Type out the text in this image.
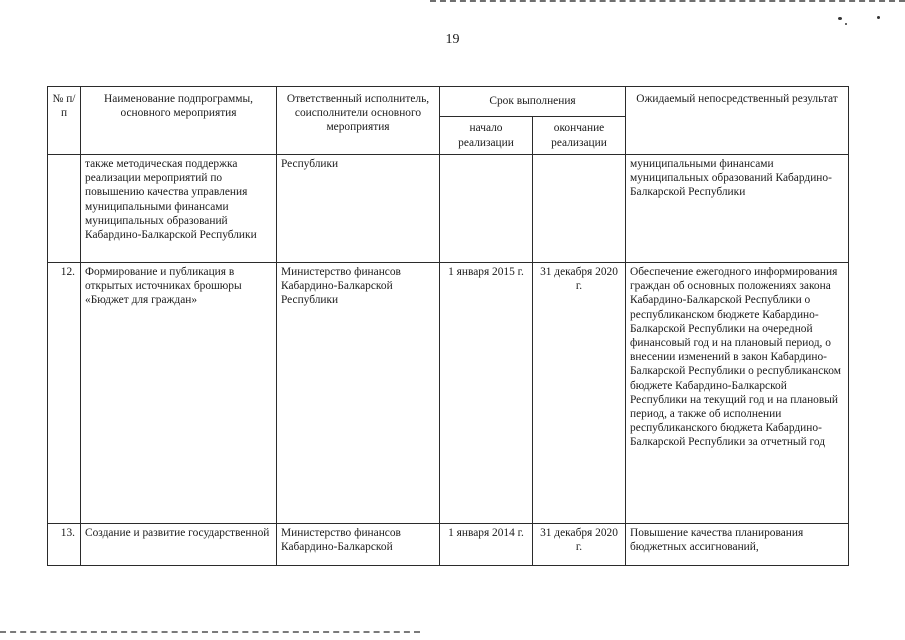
19
№ п/п	Наименование подпрограммы, основного мероприятия	Ответственный исполнитель, соисполнители основного мероприятия	Срок выполнения		Ожидаемый непосредственный результат
			начало реализации	окончание реализации	
	также методическая поддержка реализации мероприятий по повышению качества управления муниципальными финансами муниципальных образований Кабардино-Балкарской Республики	Республики			муниципальными финансами муниципальных образований Кабардино-Балкарской Республики
12.	Формирование и публикация в открытых источниках брошюры «Бюджет для граждан»	Министерство финансов Кабардино-Балкарской Республики	1 января 2015 г.	31 декабря 2020 г.	Обеспечение ежегодного информирования граждан об основных положениях закона Кабардино-Балкарской Республики о республиканском бюджете Кабардино-Балкарской Республики на очередной финансовый год и на плановый период, о внесении изменений в закон Кабардино-Балкарской Республики о республиканском бюджете Кабардино-Балкарской Республики на текущий год и на плановый период, а также об исполнении республиканского бюджета Кабардино-Балкарской Республики за отчетный год
13.	Создание и развитие государственной	Министерство финансов Кабардино-Балкарской	1 января 2014 г.	31 декабря 2020 г.	Повышение качества планирования бюджетных ассигнований,
